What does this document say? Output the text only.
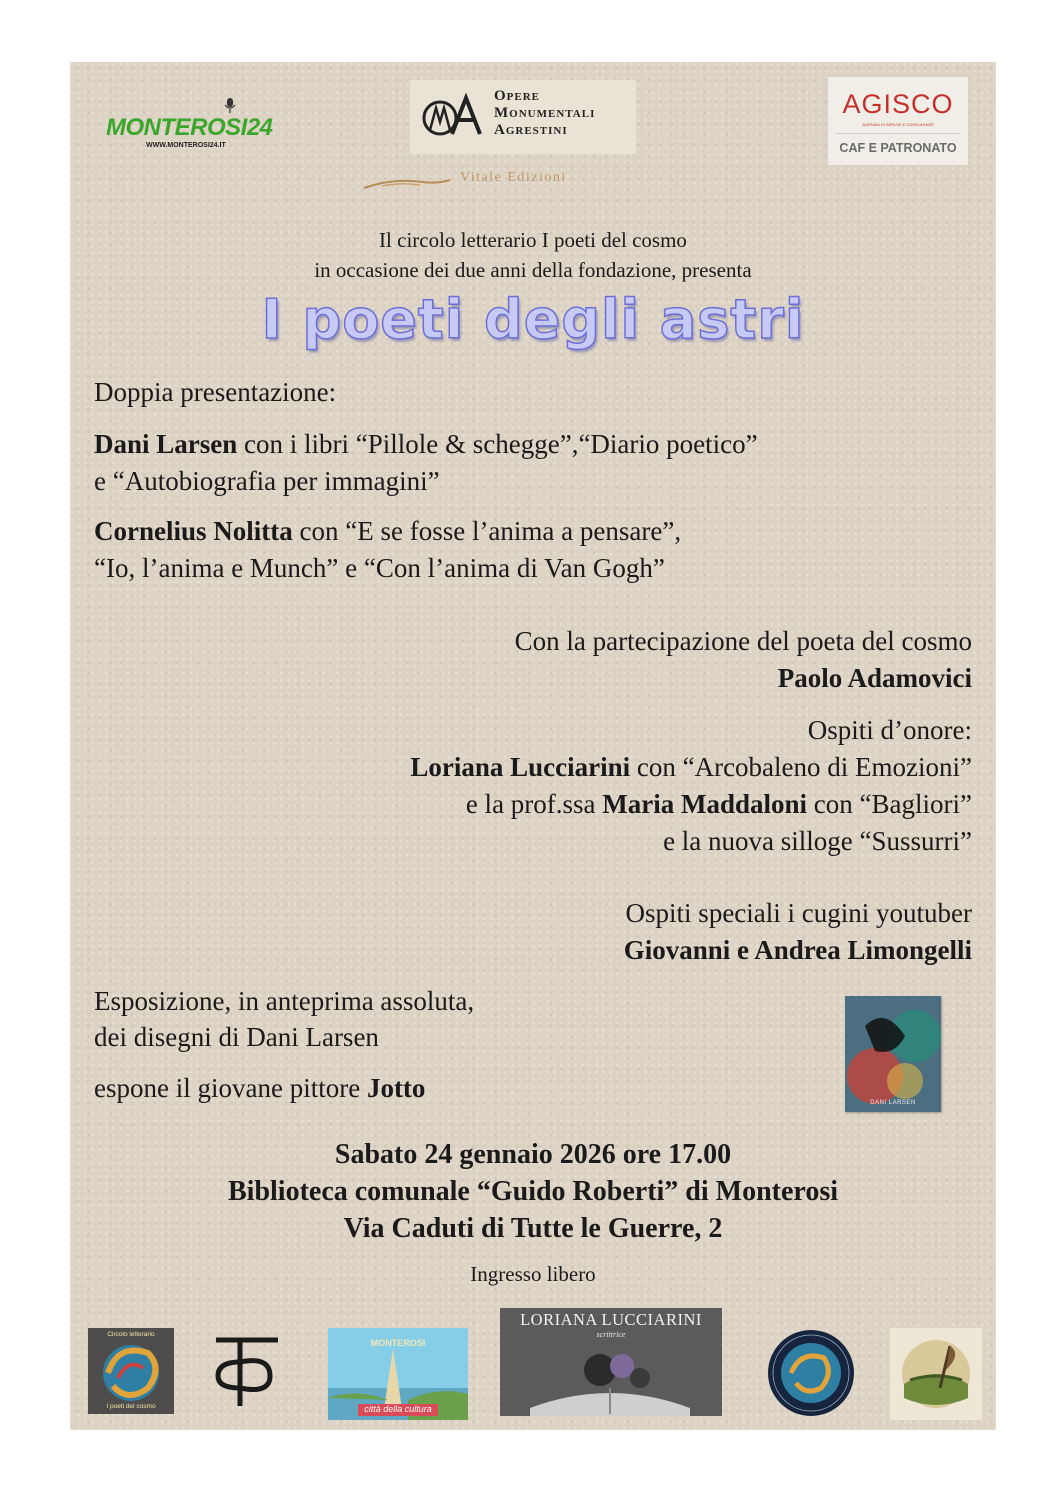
MONTEROSI24
WWW.MONTEROSI24.IT
Opere
Monumentali
Agrestini
AGISCO
AGENZIA DI SERVIZI E CONSULENZE
CAF E PATRONATO
Vitale Edizioni
Il circolo letterario I poeti del cosmo
in occasione dei due anni della fondazione, presenta
I poeti degli astri
Doppia presentazione:
Dani Larsen con i libri “Pillole & schegge”,“Diario poetico”
e “Autobiografia per immagini”
Cornelius Nolitta con “E se fosse l’anima a pensare”,
“Io, l’anima e Munch” e “Con l’anima di Van Gogh”
Con la partecipazione del poeta del cosmo
Paolo Adamovici
Ospiti d’onore:
Loriana Lucciarini con “Arcobaleno di Emozioni”
e la prof.ssa Maria Maddaloni con “Bagliori”
e la nuova silloge “Sussurri”
Ospiti speciali i cugini youtuber
Giovanni e Andrea Limongelli
Esposizione, in anteprima assoluta,
dei disegni di Dani Larsen
espone il giovane pittore Jotto	DANI LARSEN
Sabato 24 gennaio 2026 ore 17.00
Biblioteca comunale “Guido Roberti” di Monterosi
Via Caduti di Tutte le Guerre, 2
Ingresso libero
Circolo letterario
I poeti del cosmo
MONTEROSI
città della cultura
LORIANA LUCCIARINI
scrittrice
